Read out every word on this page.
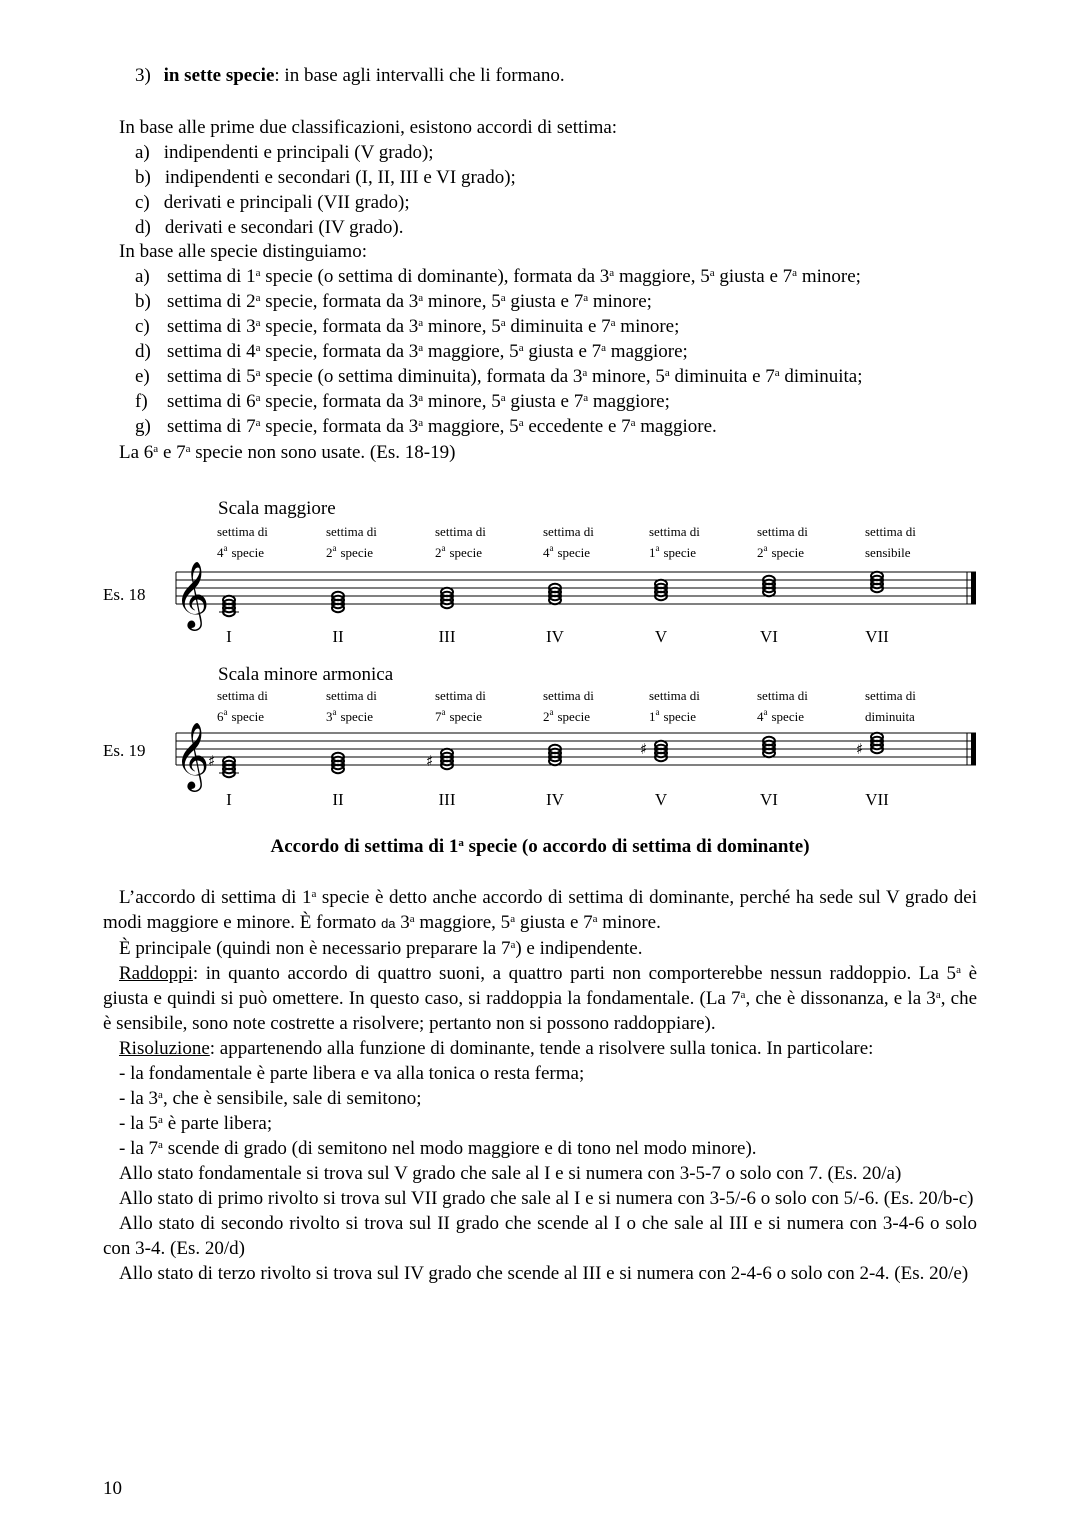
3) in sette specie: in base agli intervalli che li formano.
In base alle prime due classificazioni, esistono accordi di settima:
a) indipendenti e principali (V grado);
b) indipendenti e secondari (I, II, III e VI grado);
c) derivati e principali (VII grado);
d) derivati e secondari (IV grado).
In base alle specie distinguiamo:
a) settima di 1$^a$ specie (o settima di dominante), formata da 3$^a$ maggiore, 5$^a$ giusta e 7$^a$ minore;
b) settima di 2$^a$ specie, formata da 3$^a$ minore, 5$^a$ giusta e 7$^a$ minore;
c) settima di 3$^a$ specie, formata da 3$^a$ minore, 5$^a$ diminuita e 7$^a$ minore;
d) settima di 4$^a$ specie, formata da 3$^a$ maggiore, 5$^a$ giusta e 7$^a$ maggiore;
e) settima di 5$^a$ specie (o settima diminuita), formata da 3$^a$ minore, 5$^a$ diminuita e 7$^a$ diminuita;
f) settima di 6$^a$ specie, formata da 3$^a$ minore, 5$^a$ giusta e 7$^a$ maggiore;
g) settima di 7$^a$ specie, formata da 3$^a$ maggiore, 5$^a$ eccedente e 7$^a$ maggiore.
La 6$^a$ e 7$^a$ specie non sono usate. (Es. 18-19)
Es. 18
Scala maggiore
𝄞
settima di
4$^a$ specie
I
settima di
2$^a$ specie
II
settima di
2$^a$ specie
III
settima di
4$^a$ specie
IV
settima di
1$^a$ specie
V
settima di
2$^a$ specie
VI
settima di
sensibile
VII
Es. 19
Scala minore armonica
𝄞
settima di
6$^a$ specie
♯
I
settima di
3$^a$ specie
II
settima di
7$^a$ specie
♯
III
settima di
2$^a$ specie
IV
settima di
1$^a$ specie
♯
V
settima di
4$^a$ specie
VI
settima di
diminuita
♯
VII
Accordo di settima di 1$^a$ specie (o accordo di settima di dominante)

L’accordo di settima di 1$^a$ specie è detto anche accordo di settima di dominante, perché ha sede sul V grado dei modi maggiore e minore. È formato da 3$^a$ maggiore, 5$^a$ giusta e 7$^a$ minore.

È principale (quindi non è necessario preparare la 7$^a$) e indipendente.

Raddoppi: in quanto accordo di quattro suoni, a quattro parti non comporterebbe nessun raddoppio. La 5$^a$ è giusta e quindi si può omettere. In questo caso, si raddoppia la fondamentale. (La 7$^a$, che è dissonanza, e la 3$^a$, che è sensibile, sono note costrette a risolvere; pertanto non si possono raddoppiare).

Risoluzione: appartenendo alla funzione di dominante, tende a risolvere sulla tonica. In particolare:

- la fondamentale è parte libera e va alla tonica o resta ferma;

- la 3$^a$, che è sensibile, sale di semitono;

- la 5$^a$ è parte libera;

- la 7$^a$ scende di grado (di semitono nel modo maggiore e di tono nel modo minore).

Allo stato fondamentale si trova sul V grado che sale al I e si numera con 3-5-7 o solo con 7. (Es. 20/a)

Allo stato di primo rivolto si trova sul VII grado che sale al I e si numera con 3-5/-6 o solo con 5/-6. (Es. 20/b-c)

Allo stato di secondo rivolto si trova sul II grado che scende al I o che sale al III e si numera con 3-4-6 o solo con 3-4. (Es. 20/d)

Allo stato di terzo rivolto si trova sul IV grado che scende al III e si numera con 2-4-6 o solo con 2-4. (Es. 20/e)

10
